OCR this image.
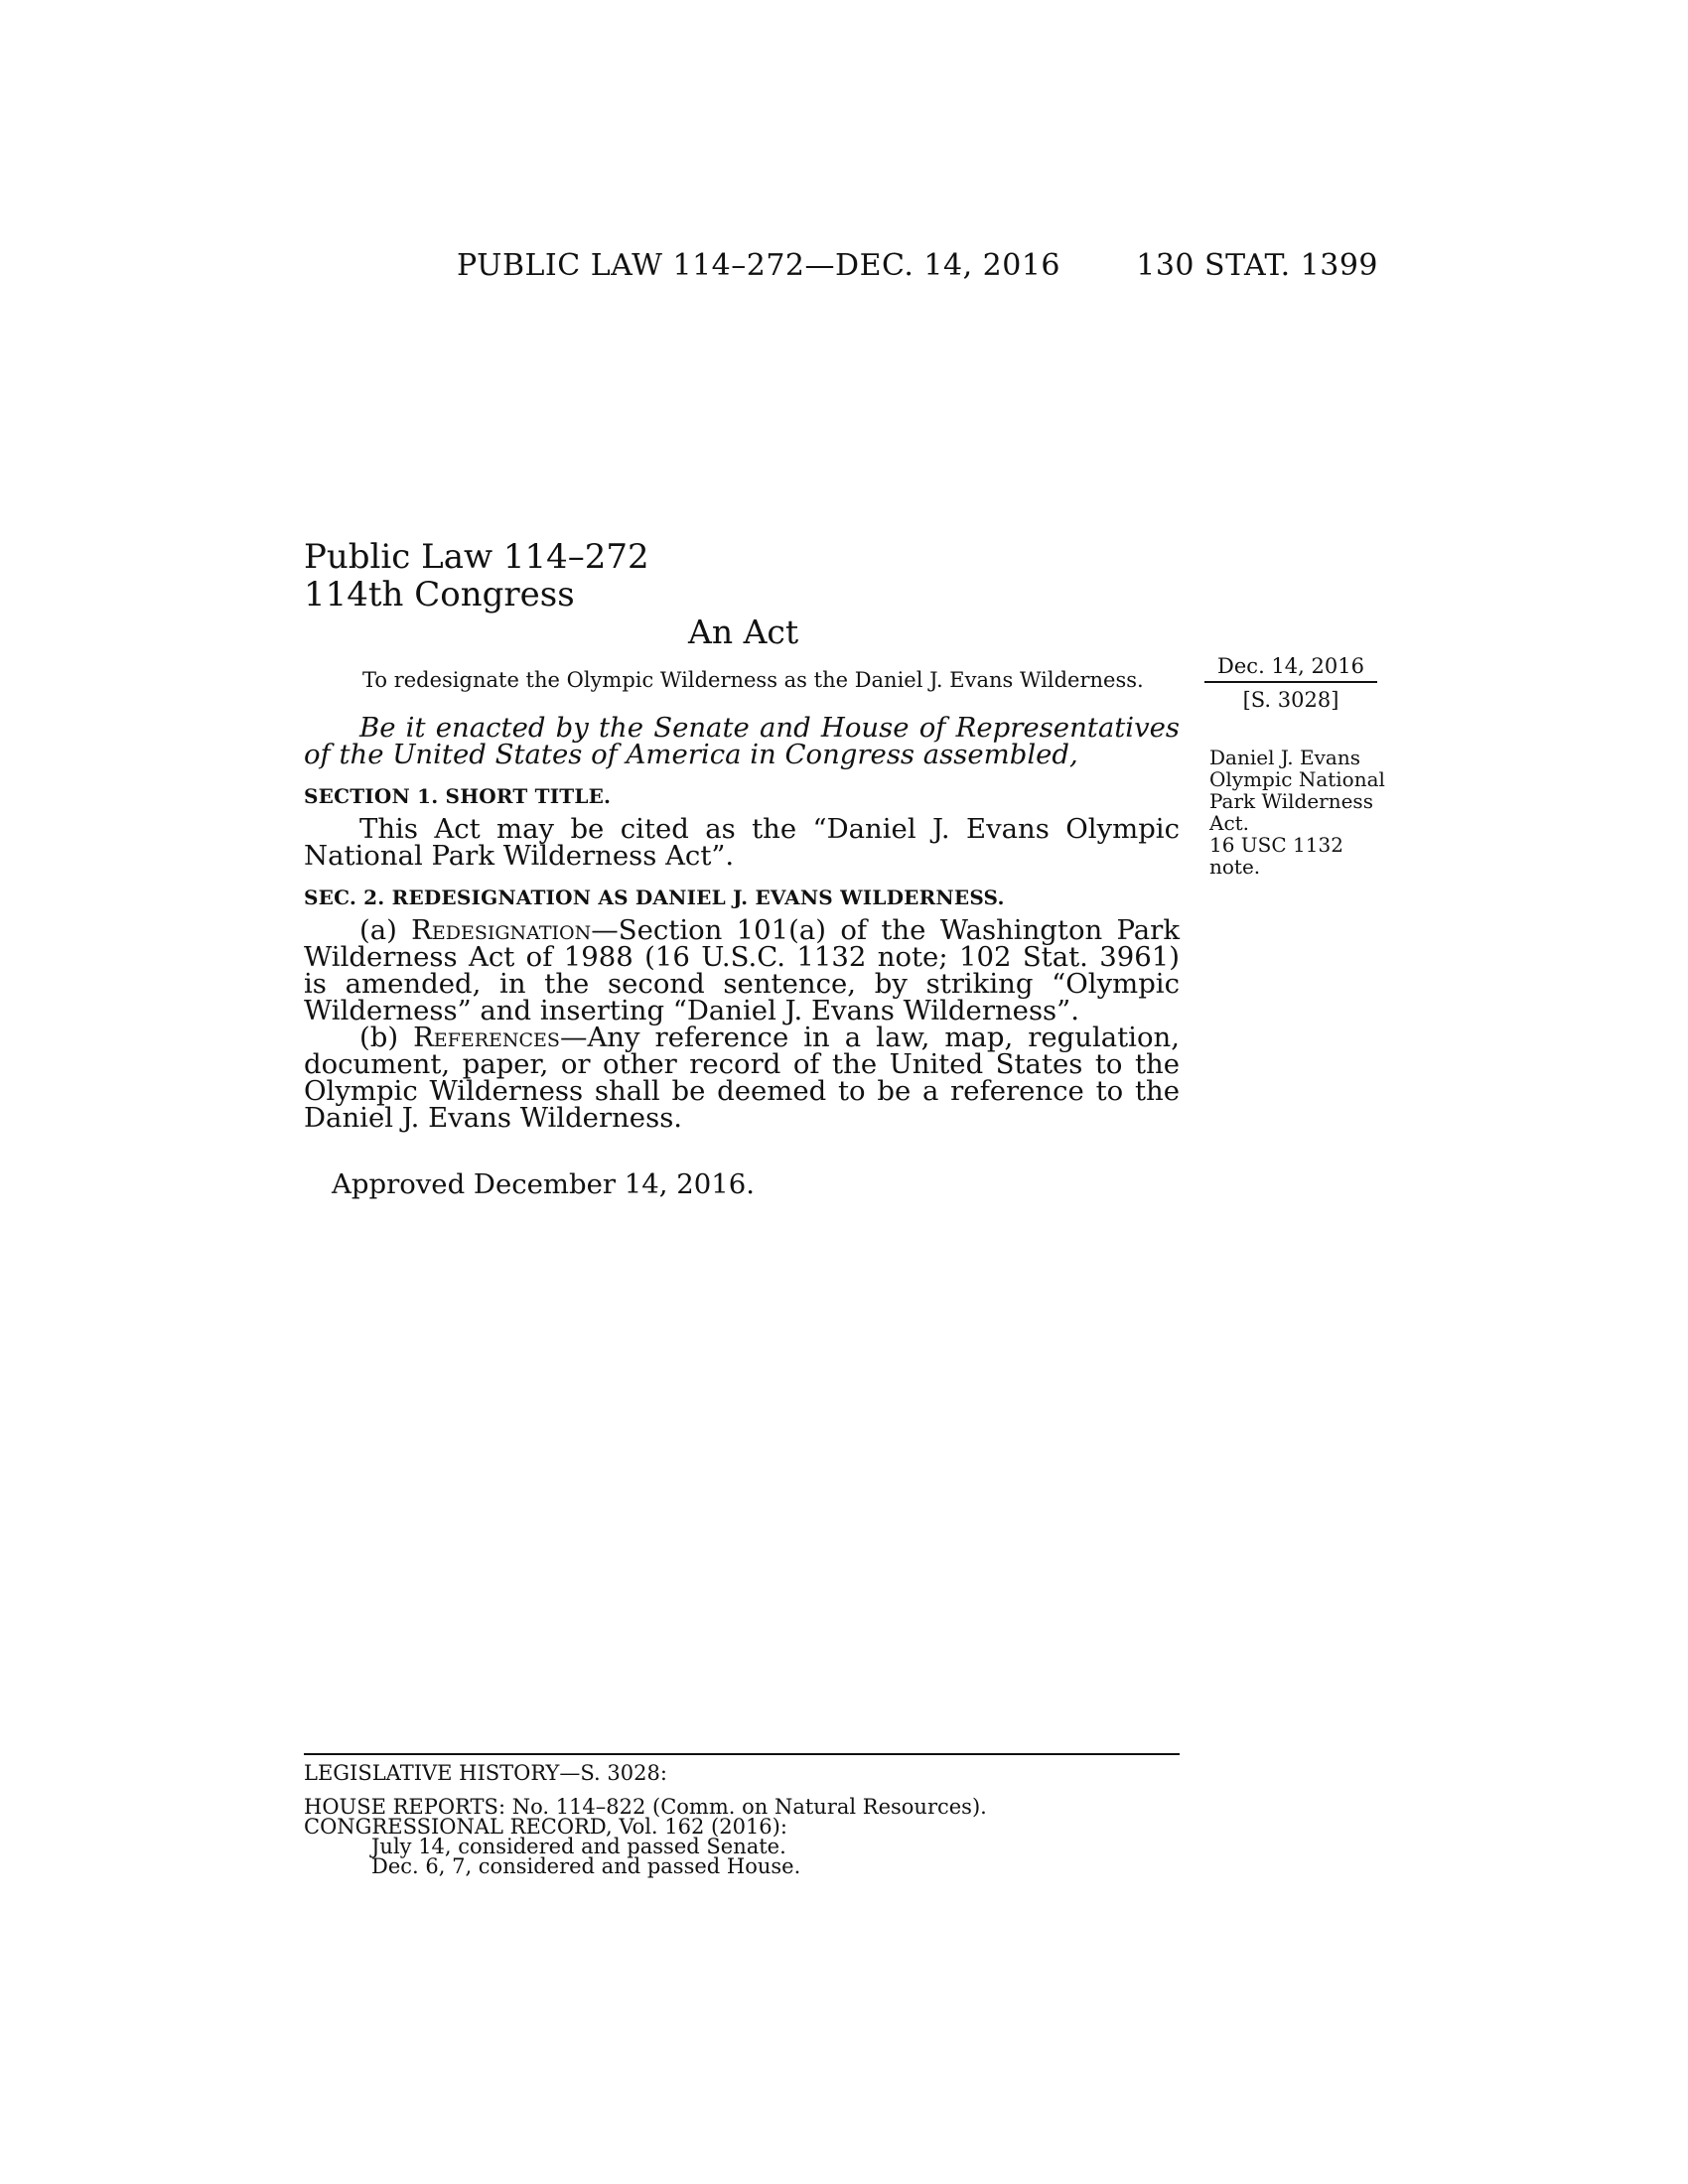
PUBLIC LAW 114–272—DEC. 14, 2016	130 STAT. 1399
Public Law 114–272
114th Congress
An Act
To redesignate the Olympic Wilderness as the Daniel J. Evans Wilderness.
Dec. 14, 2016
[S. 3028]
Daniel J. Evans
Olympic National
Park Wilderness
Act.
16 USC 1132
note.

Be it enacted by the Senate and House of Representatives of the United States of America in Congress assembled,

SECTION 1. SHORT TITLE.

This Act may be cited as the “Daniel J. Evans Olympic National Park Wilderness Act”.

SEC. 2. REDESIGNATION AS DANIEL J. EVANS WILDERNESS.

(a) Redesignation—Section 101(a) of the Washington Park Wilderness Act of 1988 (16 U.S.C. 1132 note; 102 Stat. 3961) is amended, in the second sentence, by striking “Olympic Wilderness” and inserting “Daniel J. Evans Wilderness”.

(b) References—Any reference in a law, map, regulation, document, paper, or other record of the United States to the Olympic Wilderness shall be deemed to be a reference to the Daniel J. Evans Wilderness.

Approved December 14, 2016.
LEGISLATIVE HISTORY—S. 3028:
HOUSE REPORTS: No. 114–822 (Comm. on Natural Resources).
CONGRESSIONAL RECORD, Vol. 162 (2016):
July 14, considered and passed Senate.
Dec. 6, 7, considered and passed House.
